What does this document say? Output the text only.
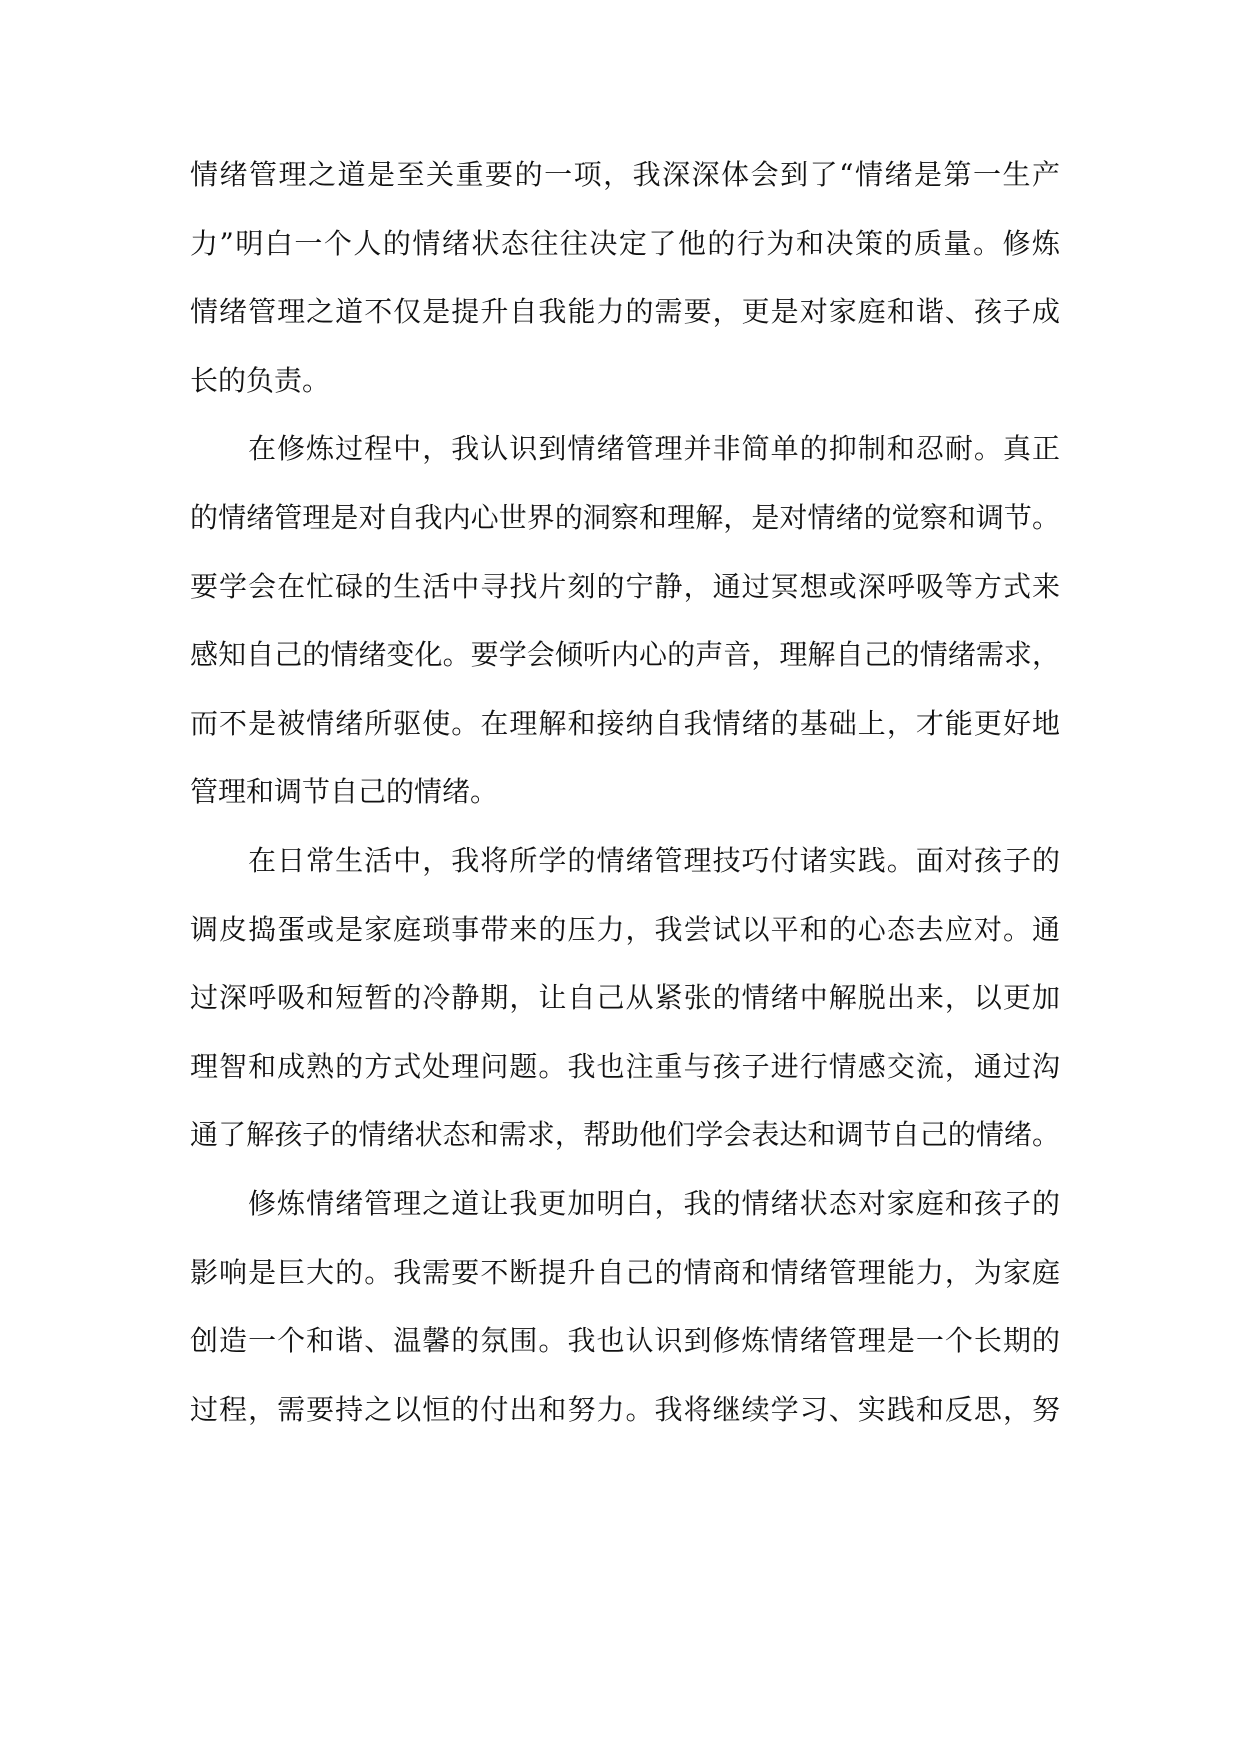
情绪管理之道是至关重要的一项，我深深体会到了“情绪是第一生产
力”明白一个人的情绪状态往往决定了他的行为和决策的质量。修炼
情绪管理之道不仅是提升自我能力的需要，更是对家庭和谐、孩子成
长的负责。
在修炼过程中，我认识到情绪管理并非简单的抑制和忍耐。真正
的情绪管理是对自我内心世界的洞察和理解，是对情绪的觉察和调节。
要学会在忙碌的生活中寻找片刻的宁静，通过冥想或深呼吸等方式来
感知自己的情绪变化。要学会倾听内心的声音，理解自己的情绪需求，
而不是被情绪所驱使。在理解和接纳自我情绪的基础上，才能更好地
管理和调节自己的情绪。
在日常生活中，我将所学的情绪管理技巧付诸实践。面对孩子的
调皮捣蛋或是家庭琐事带来的压力，我尝试以平和的心态去应对。通
过深呼吸和短暂的冷静期，让自己从紧张的情绪中解脱出来，以更加
理智和成熟的方式处理问题。我也注重与孩子进行情感交流，通过沟
通了解孩子的情绪状态和需求，帮助他们学会表达和调节自己的情绪。
修炼情绪管理之道让我更加明白，我的情绪状态对家庭和孩子的
影响是巨大的。我需要不断提升自己的情商和情绪管理能力，为家庭
创造一个和谐、温馨的氛围。我也认识到修炼情绪管理是一个长期的
过程，需要持之以恒的付出和努力。我将继续学习、实践和反思，努
